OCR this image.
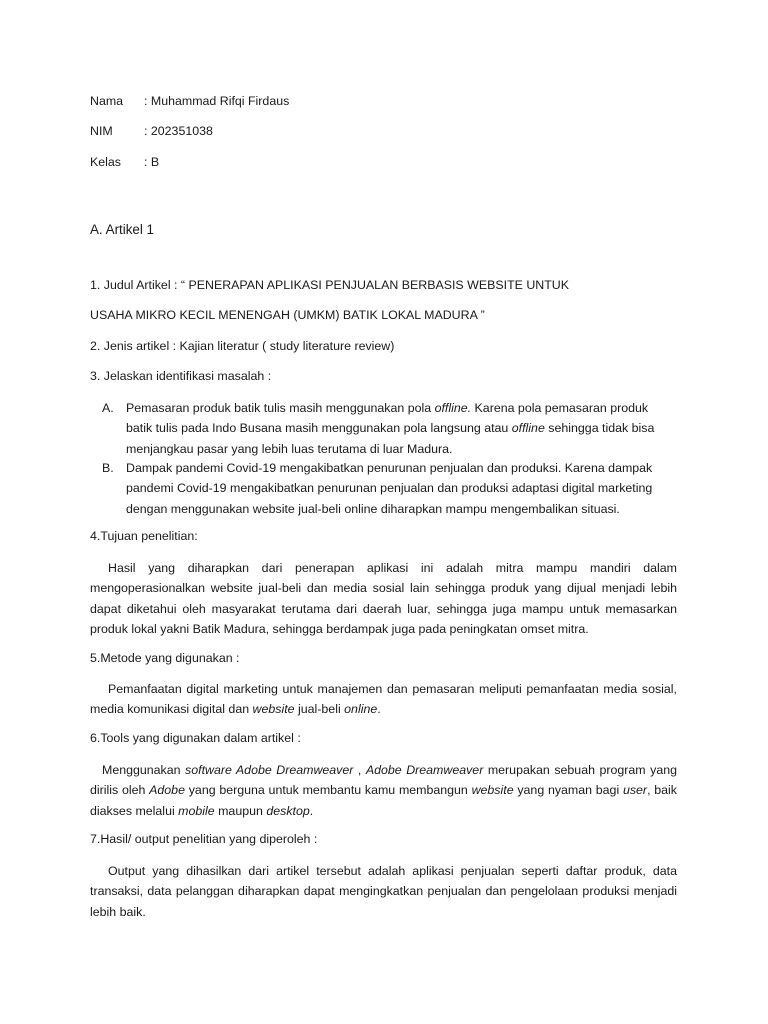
Nama : Muhammad Rifqi Firdaus
NIM	: 202351038
Kelas : B
A. Artikel 1
1. Judul Artikel : “ PENERAPAN APLIKASI PENJUALAN BERBASIS WEBSITE UNTUK
USAHA MIKRO KECIL MENENGAH (UMKM) BATIK LOKAL MADURA ”
2. Jenis artikel : Kajian literatur ( study literature review)
3. Jelaskan identifikasi masalah :
A. Pemasaran produk batik tulis masih menggunakan pola offline. Karena pola pemasaran produk batik tulis pada Indo Busana masih menggunakan pola langsung atau offline sehingga tidak bisa menjangkau pasar yang lebih luas terutama di luar Madura.
B. Dampak pandemi Covid-19 mengakibatkan penurunan penjualan dan produksi. Karena dampak pandemi Covid-19 mengakibatkan penurunan penjualan dan produksi adaptasi digital marketing dengan menggunakan website jual-beli online diharapkan mampu mengembalikan situasi.
4.Tujuan penelitian:
Hasil yang diharapkan dari penerapan aplikasi ini adalah mitra mampu mandiri dalam mengoperasionalkan website jual-beli dan media sosial lain sehingga produk yang dijual menjadi lebih dapat diketahui oleh masyarakat terutama dari daerah luar, sehingga juga mampu untuk memasarkan produk lokal yakni Batik Madura, sehingga berdampak juga pada peningkatan omset mitra.
5.Metode yang digunakan :
Pemanfaatan digital marketing untuk manajemen dan pemasaran meliputi pemanfaatan media sosial, media komunikasi digital dan website jual-beli online.
6.Tools yang digunakan dalam artikel :
Menggunakan software Adobe Dreamweaver , Adobe Dreamweaver merupakan sebuah program yang dirilis oleh Adobe yang berguna untuk membantu kamu membangun website yang nyaman bagi user, baik diakses melalui mobile maupun desktop.
7.Hasil/ output penelitian yang diperoleh :
Output yang dihasilkan dari artikel tersebut adalah aplikasi penjualan seperti daftar produk, data transaksi, data pelanggan diharapkan dapat mengingkatkan penjualan dan pengelolaan produksi menjadi lebih baik.
